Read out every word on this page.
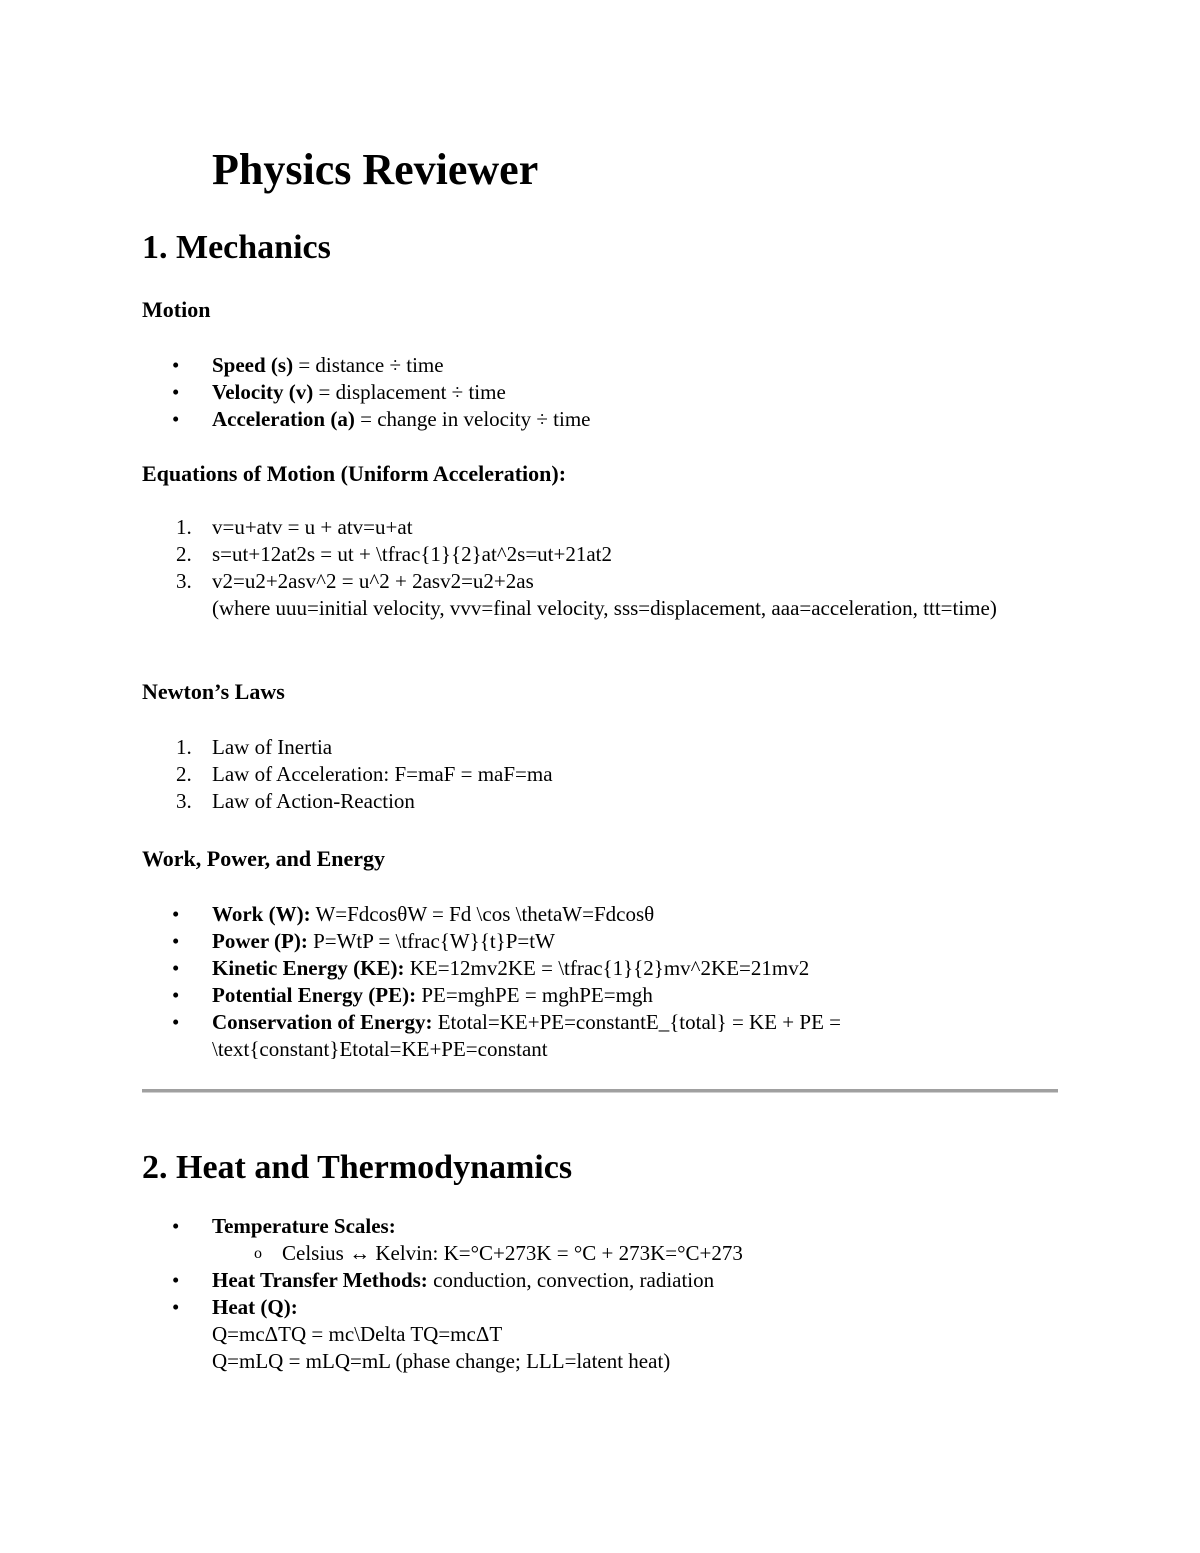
Physics Reviewer
1. Mechanics
Motion
• Speed (s) = distance ÷ time
• Velocity (v) = displacement ÷ time
• Acceleration (a) = change in velocity ÷ time
Equations of Motion (Uniform Acceleration):
1. v=u+atv = u + atv=u+at
2. s=ut+12at2s = ut + \tfrac{1}{2}at^2s=ut+21at2
3. v2=u2+2asv^2 = u^2 + 2asv2=u2+2as
(where uuu=initial velocity, vvv=final velocity, sss=displacement, aaa=acceleration, ttt=time)
Newton’s Laws
1. Law of Inertia
2. Law of Acceleration: F=maF = maF=ma
3. Law of Action-Reaction
Work, Power, and Energy
• Work (W): W=Fdcos⁡θW = Fd \cos \thetaW=Fdcosθ
• Power (P): P=WtP = \tfrac{W}{t}P=tW
• Kinetic Energy (KE): KE=12mv2KE = \tfrac{1}{2}mv^2KE=21mv2
• Potential Energy (PE): PE=mghPE = mghPE=mgh
• Conservation of Energy: Etotal=KE+PE=constantE_{total} = KE + PE = \text{constant}Etotal=KE+PE=constant
2. Heat and Thermodynamics
• Temperature Scales:
o Celsius ↔ Kelvin: K=°C+273K = °C + 273K=°C+273
• Heat Transfer Methods: conduction, convection, radiation
• Heat (Q):
Q=mcΔTQ = mc\Delta TQ=mcΔT
Q=mLQ = mLQ=mL (phase change; LLL=latent heat)
